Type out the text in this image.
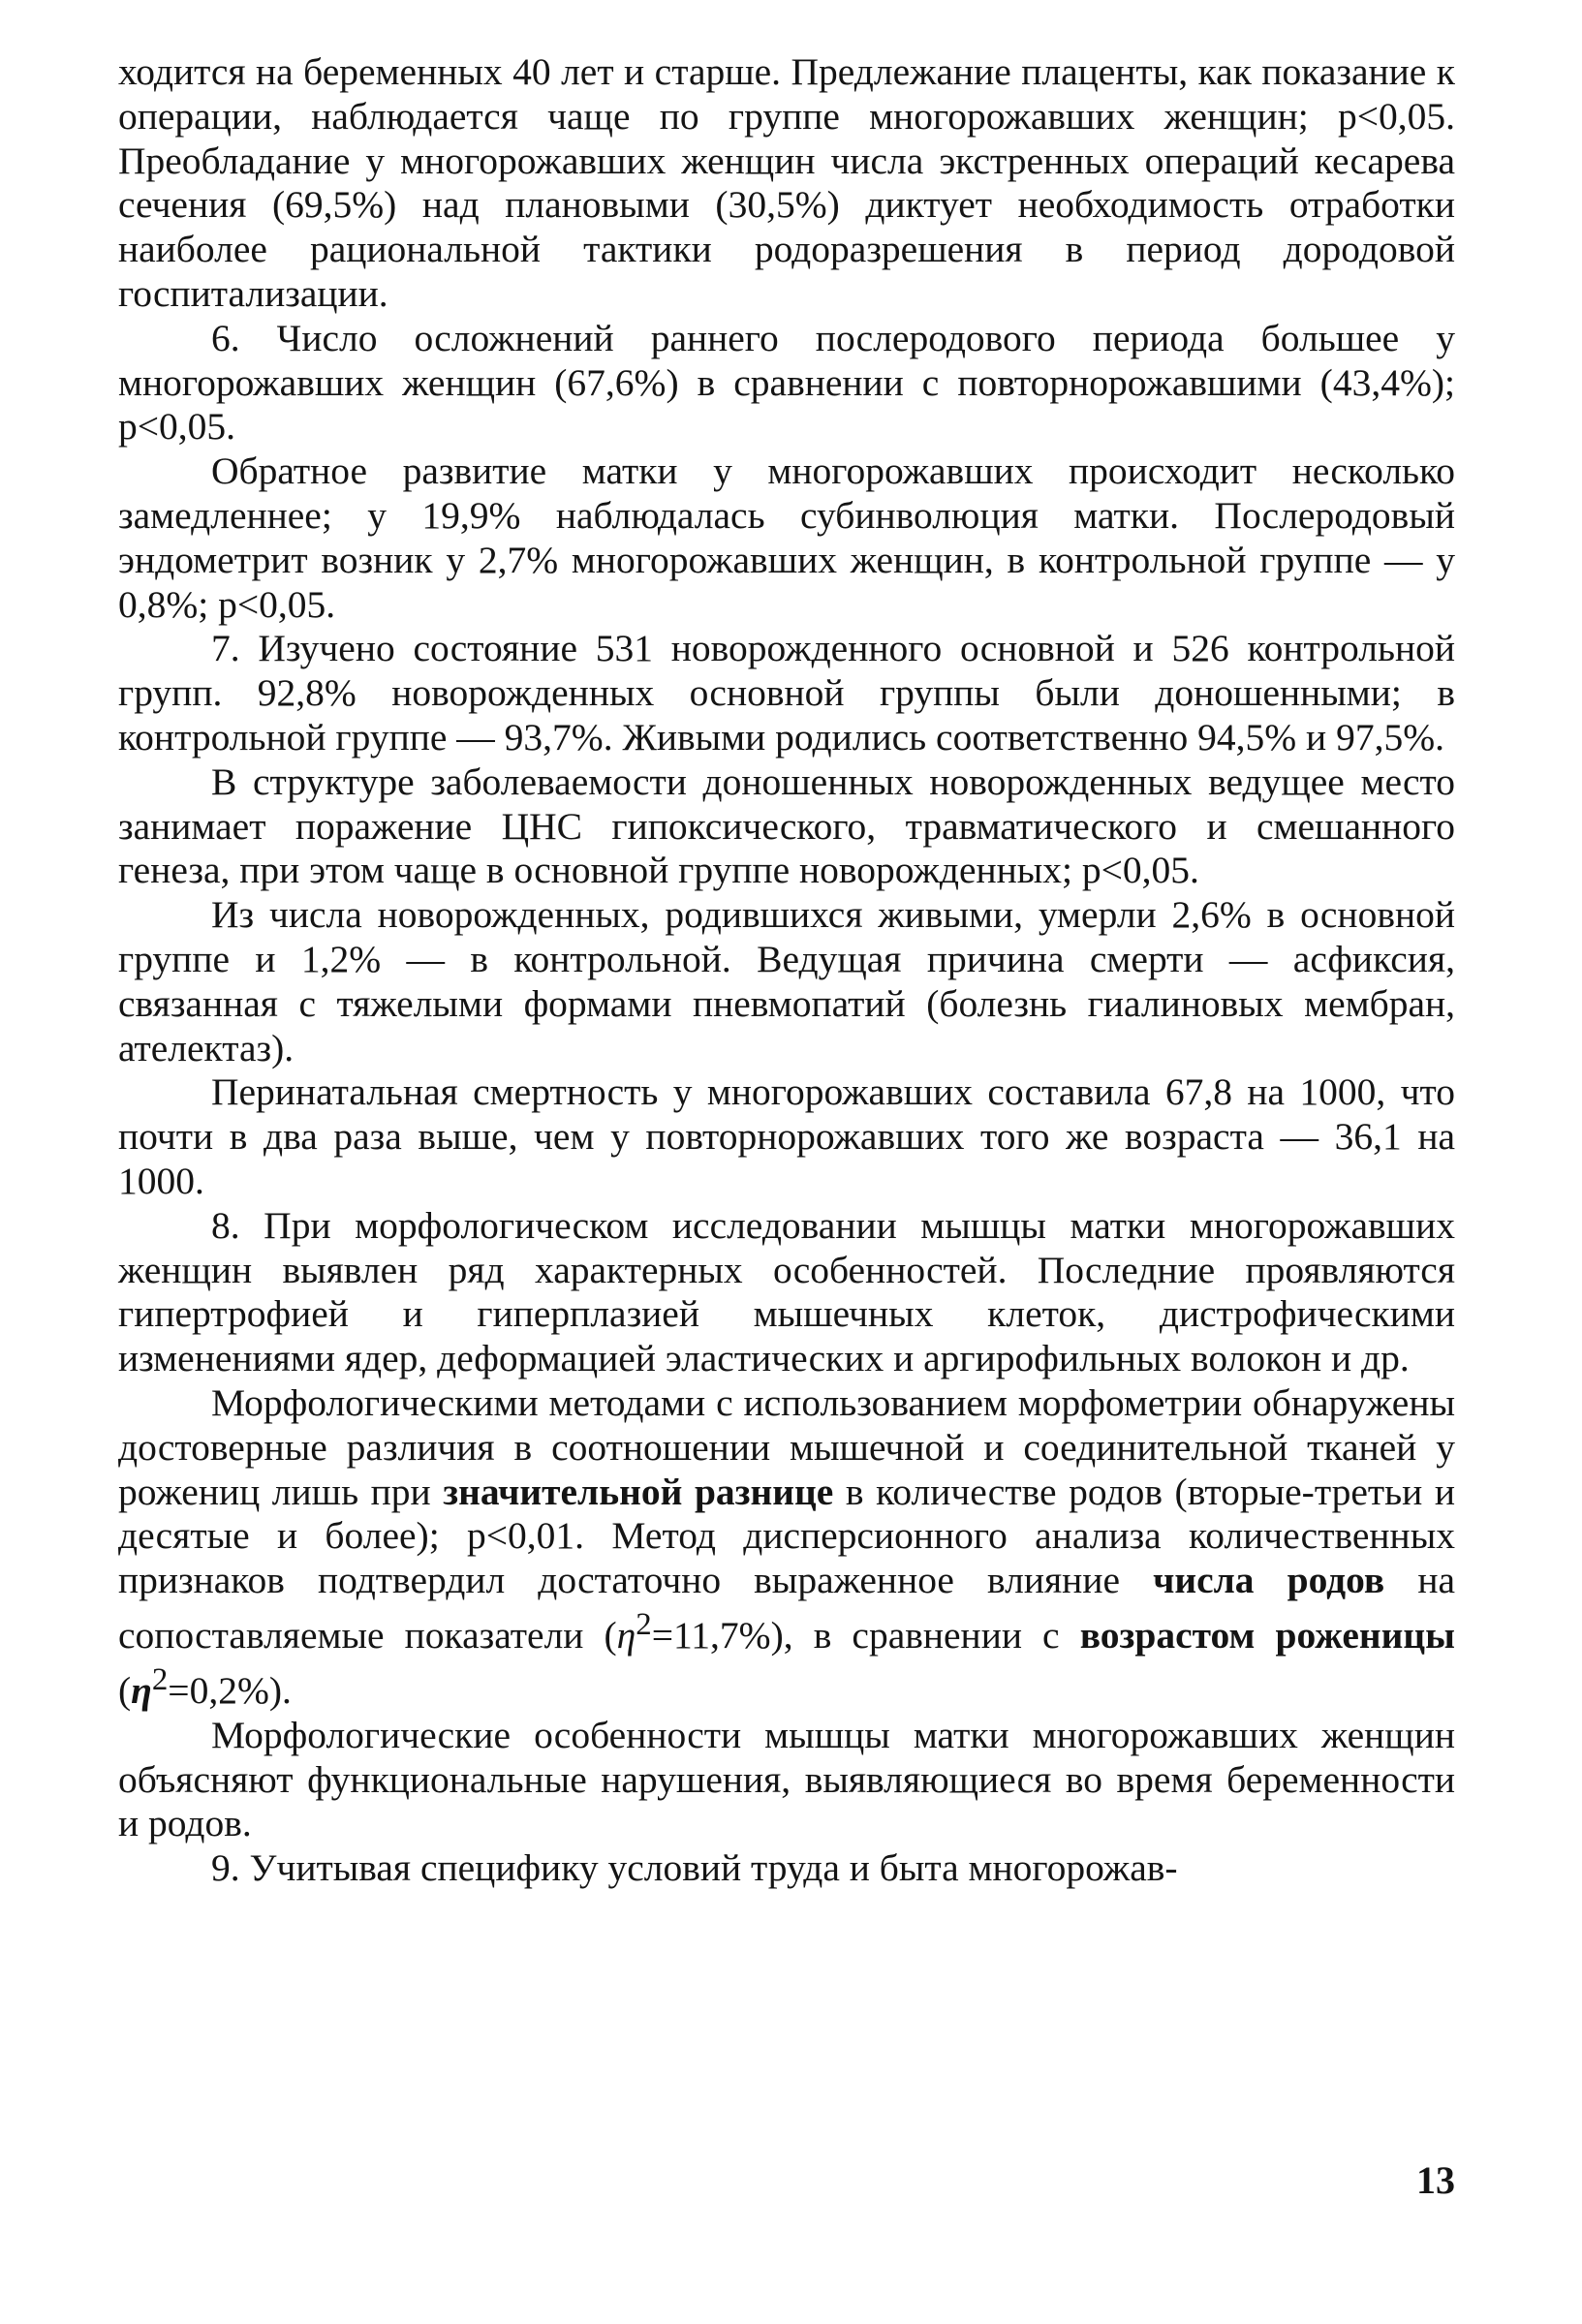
ходится на беременных 40 лет и старше. Предлежание плаценты, как показание к операции, наблюдается чаще по группе многорожавших женщин; p<0,05. Преобладание у многорожавших женщин числа экстренных операций кесарева сечения (69,5%) над плановыми (30,5%) диктует необходимость отработки наиболее рациональной тактики родоразрешения в период дородовой госпитализации.

6. Число осложнений раннего послеродового периода большее у многорожавших женщин (67,6%) в сравнении с повторнорожавшими (43,4%); p<0,05.

Обратное развитие матки у многорожавших происходит несколько замедленнее; у 19,9% наблюдалась субинволюция матки. Послеродовый эндометрит возник у 2,7% многорожавших женщин, в контрольной группе — у 0,8%; p<0,05.

7. Изучено состояние 531 новорожденного основной и 526 контрольной групп. 92,8% новорожденных основной группы были доношенными; в контрольной группе — 93,7%. Живыми родились соответственно 94,5% и 97,5%.

В структуре заболеваемости доношенных новорожденных ведущее место занимает поражение ЦНС гипоксического, травматического и смешанного генеза, при этом чаще в основной группе новорожденных; p<0,05.

Из числа новорожденных, родившихся живыми, умерли 2,6% в основной группе и 1,2% — в контрольной. Ведущая причина смерти — асфиксия, связанная с тяжелыми формами пневмопатий (болезнь гиалиновых мембран, ателектаз).

Перинатальная смертность у многорожавших составила 67,8 на 1000, что почти в два раза выше, чем у повторнорожавших того же возраста — 36,1 на 1000.

8. При морфологическом исследовании мышцы матки многорожавших женщин выявлен ряд характерных особенностей. Последние проявляются гипертрофией и гиперплазией мышечных клеток, дистрофическими изменениями ядер, деформацией эластических и аргирофильных волокон и др.

Морфологическими методами с использованием морфометрии обнаружены достоверные различия в соотношении мышечной и соединительной тканей у рожениц лишь при значительной разнице в количестве родов (вторые-третьи и десятые и более); p<0,01. Метод дисперсионного анализа количественных признаков подтвердил достаточно выраженное влияние числа родов на сопоставляемые показатели $(\eta^2=11,7\%)$, в сравнении с возрастом роженицы $(\eta^2=0,2\%)$.

Морфологические особенности мышцы матки многорожавших женщин объясняют функциональные нарушения, выявляющиеся во время беременности и родов.

9. Учитывая специфику условий труда и быта многорожав-

13
